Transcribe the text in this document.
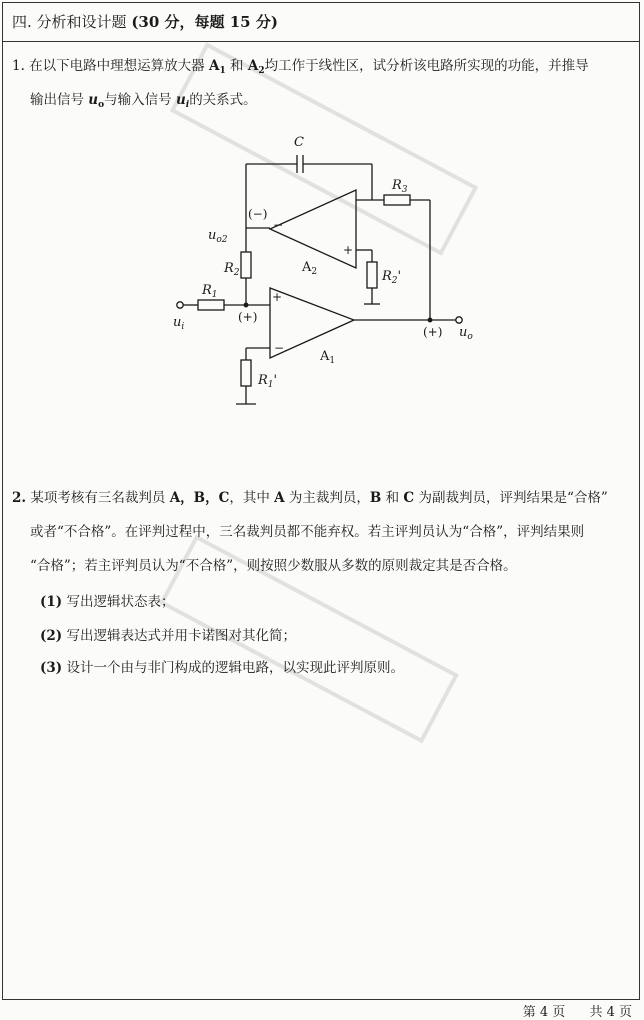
四. 分析和设计题 (30 分，每题 15 分)
1. 在以下电路中理想运算放大器 $A_1$ 和 $A_2$均工作于线性区，试分析该电路所实现的功能，并推导
输出信号 $u_o$与输入信号 $u_i$的关系式。
C
$R_3$
(−)
−
+
$u_{o2}$
$A_2$	$R_2'$
$R_2$
$R_1$	+
−
(+)
$u_i$
$A_1$
(+) $u_o$
$R_1'$
2. 某项考核有三名裁判员 A，B，C，其中 A 为主裁判员，B 和 C 为副裁判员，评判结果是“合格”
或者“不合格”。在评判过程中，三名裁判员都不能弃权。若主评判员认为“合格”，评判结果则
“合格”；若主评判员认为“不合格”，则按照少数服从多数的原则裁定其是否合格。
(1) 写出逻辑状态表；
(2) 写出逻辑表达式并用卡诺图对其化简；
(3) 设计一个由与非门构成的逻辑电路，以实现此评判原则。
第 4 页 共 4 页
